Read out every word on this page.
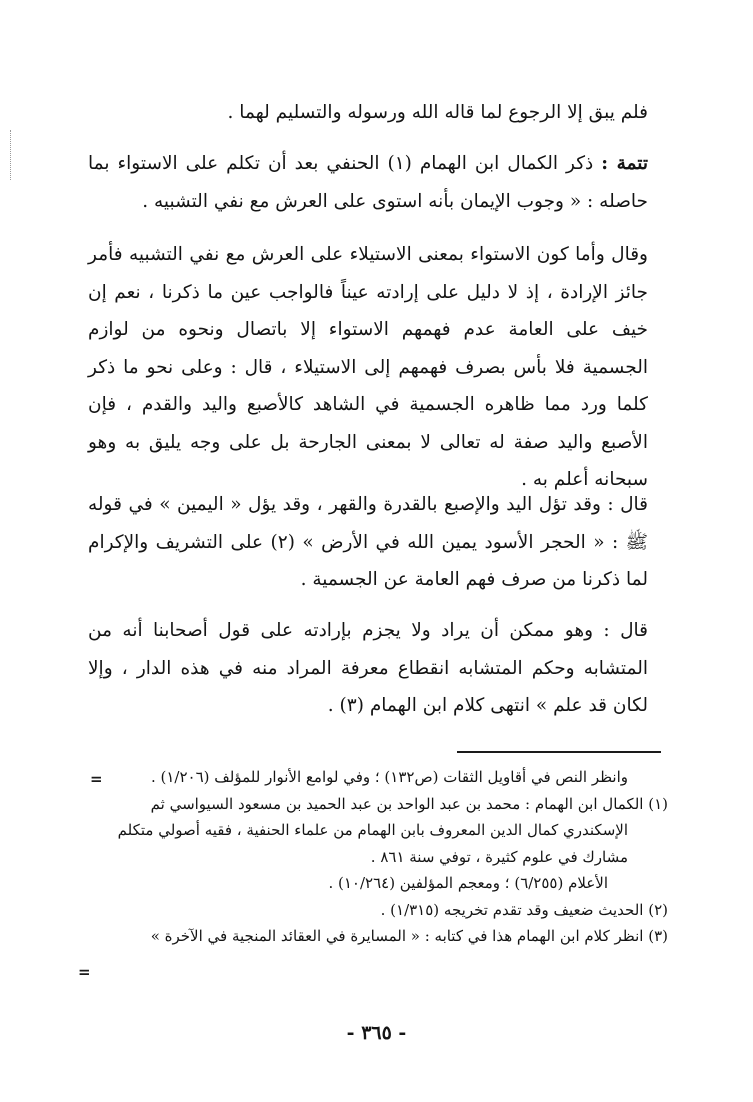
فلم يبق إلا الرجوع لما قاله الله ورسوله والتسليم لهما .

تتمة : ذكر الكمال ابن الهمام (١) الحنفي بعد أن تكلم على الاستواء بما حاصله : « وجوب الإيمان بأنه استوى على العرش مع نفي التشبيه .

وقال وأما كون الاستواء بمعنى الاستيلاء على العرش مع نفي التشبيه فأمر جائز الإرادة ، إذ لا دليل على إرادته عيناً فالواجب عين ما ذكرنا ، نعم إن خيف على العامة عدم فهمهم الاستواء إلا باتصال ونحوه من لوازم الجسمية فلا بأس بصرف فهمهم إلى الاستيلاء ، قال : وعلى نحو ما ذكر كلما ورد مما ظاهره الجسمية في الشاهد كالأصبع واليد والقدم ، فإن الأصبع واليد صفة له تعالى لا بمعنى الجارحة بل على وجه يليق به وهو سبحانه أعلم به .

قال : وقد تؤل اليد والإصبع بالقدرة والقهر ، وقد يؤل « اليمين » في قوله ﷺ : « الحجر الأسود يمين الله في الأرض » (٢) على التشريف والإكرام لما ذكرنا من صرف فهم العامة عن الجسمية .

قال : وهو ممكن أن يراد ولا يجزم بإرادته على قول أصحابنا أنه من المتشابه وحكم المتشابه انقطاع معرفة المراد منه في هذه الدار ، وإلا لكان قد علم » انتهى كلام ابن الهمام (٣) .

=	وانظر النص في أقاويل الثقات (ص١٣٢) ؛ وفي لوامع الأنوار للمؤلف (١/٢٠٦) .
(١) الكمال ابن الهمام : محمد بن عبد الواحد بن عبد الحميد بن مسعود السيواسي ثم
الإسكندري كمال الدين المعروف بابن الهمام من علماء الحنفية ، فقيه أصولي متكلم
مشارك في علوم كثيرة ، توفي سنة ٨٦١ .
الأعلام (٦/٢٥٥) ؛ ومعجم المؤلفين (١٠/٢٦٤) .
(٢) الحديث ضعيف وقد تقدم تخريجه (١/٣١٥) .
(٣) انظر كلام ابن الهمام هذا في كتابه : « المسايرة في العقائد المنجية في الآخرة »
=
- ٣٦٥ -
